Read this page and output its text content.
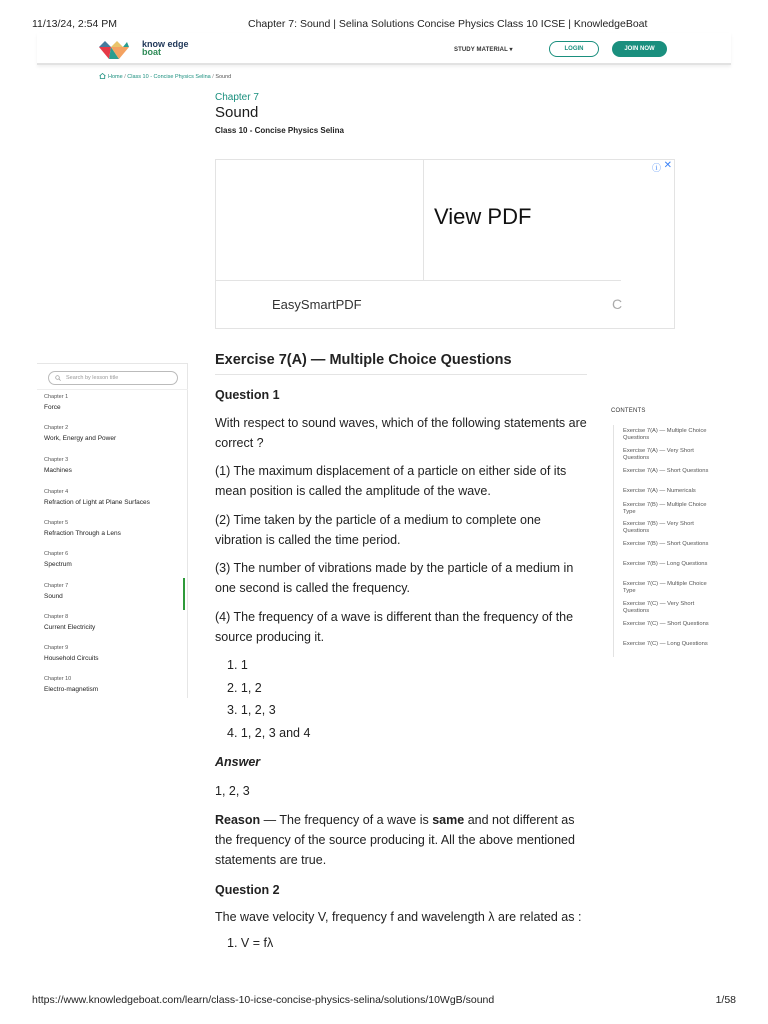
11/13/24, 2:54 PM	Chapter 7: Sound | Selina Solutions Concise Physics Class 10 ICSE | KnowledgeBoat
know edge
boat	STUDY MATERIAL ▾	LOGIN	JOIN NOW
Home / Class 10 - Concise Physics Selina / Sound
Chapter 7
Sound
Class 10 - Concise Physics Selina
View PDF
EasySmartPDF	C
ⓘ ✕
Search by lesson title
Chapter 1
Force
Chapter 2
Work, Energy and Power
Chapter 3
Machines
Chapter 4
Refraction of Light at Plane Surfaces
Chapter 5
Refraction Through a Lens
Chapter 6
Spectrum
Chapter 7
Sound
Chapter 8
Current Electricity
Chapter 9
Household Circuits
Chapter 10
Electro-magnetism
Exercise 7(A) — Multiple Choice Questions
Question 1
With respect to sound waves, which of the following statements are correct ?
(1) The maximum displacement of a particle on either side of its mean position is called the amplitude of the wave.
(2) Time taken by the particle of a medium to complete one vibration is called the time period.
(3) The number of vibrations made by the particle of a medium in one second is called the frequency.
(4) The frequency of a wave is different than the frequency of the source producing it.
1. 1
2. 1, 2
3. 1, 2, 3
4. 1, 2, 3 and 4
Answer
1, 2, 3
Reason — The frequency of a wave is same and not different as the frequency of the source producing it. All the above mentioned statements are true.
Question 2
The wave velocity V, frequency f and wavelength λ are related as :
1. V = fλ
CONTENTS
Exercise 7(A) — Multiple Choice Questions
Exercise 7(A) — Very Short Questions
Exercise 7(A) — Short Questions
Exercise 7(A) — Numericals
Exercise 7(B) — Multiple Choice Type
Exercise 7(B) — Very Short Questions
Exercise 7(B) — Short Questions
Exercise 7(B) — Long Questions
Exercise 7(C) — Multiple Choice Type
Exercise 7(C) — Very Short Questions
Exercise 7(C) — Short Questions
Exercise 7(C) — Long Questions
https://www.knowledgeboat.com/learn/class-10-icse-concise-physics-selina/solutions/10WgB/sound	1/58
